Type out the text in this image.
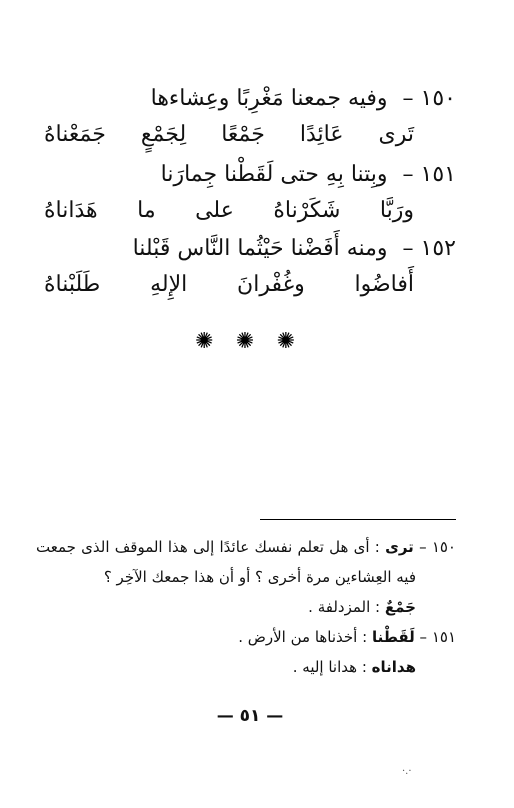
١٥٠ – وفيه جمعنا مَغْرِبًا وعِشاءها
تَرى عَائِدًا جَمْعًا لِجَمْعٍ جَمَعْناهُ
١٥١ – وبِتنا بِهِ حتى لَقَطْنا جِمارَنا
ورَبَّا شَكَرْناهُ على ما هَدَاناهُ
١٥٢ – ومنه أَفَضْنا حَيْثُما النَّاس قَبْلنا
أَفاضُوا وغُفْرانَ الإِلهِ طَلَبْناهُ
✺ ✺ ✺
١٥٠ – ترى : أى هل تعلم نفسك عائدًا إلى هذا الموقف الذى جمعت
فيه العِشاءين مرة أخرى ؟ أو أن هذا جمعك الآخِر ؟
جَمْعٌ : المزدلفة .
١٥١ – لَقَطْنا : أخذناها من الأرض .
هداناه : هدانا إليه .
— ٥١ —
·.·
